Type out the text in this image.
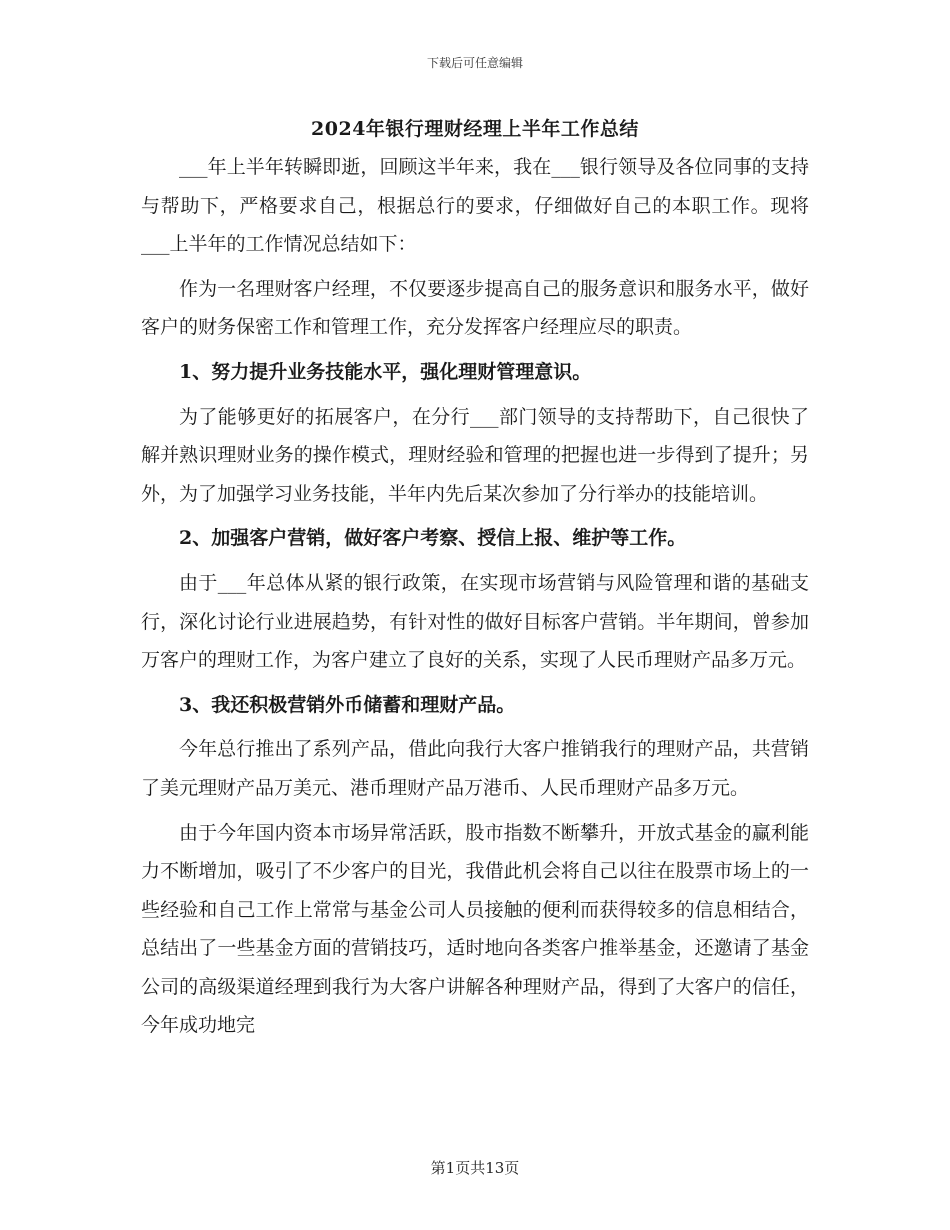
下载后可任意编辑
2024年银行理财经理上半年工作总结

___年上半年转瞬即逝，回顾这半年来，我在___银行领导及各位同事的支持与帮助下，严格要求自己，根据总行的要求，仔细做好自己的本职工作。现将___上半年的工作情况总结如下：

作为一名理财客户经理，不仅要逐步提高自己的服务意识和服务水平，做好客户的财务保密工作和管理工作，充分发挥客户经理应尽的职责。

1、努力提升业务技能水平，强化理财管理意识。

为了能够更好的拓展客户，在分行___部门领导的支持帮助下，自己很快了解并熟识理财业务的操作模式，理财经验和管理的把握也进一步得到了提升；另外，为了加强学习业务技能，半年内先后某次参加了分行举办的技能培训。

2、加强客户营销，做好客户考察、授信上报、维护等工作。

由于___年总体从紧的银行政策，在实现市场营销与风险管理和谐的基础支行，深化讨论行业进展趋势，有针对性的做好目标客户营销。半年期间，曾参加万客户的理财工作，为客户建立了良好的关系，实现了人民币理财产品多万元。

3、我还积极营销外币储蓄和理财产品。

今年总行推出了系列产品，借此向我行大客户推销我行的理财产品，共营销了美元理财产品万美元、港币理财产品万港币、人民币理财产品多万元。

由于今年国内资本市场异常活跃，股市指数不断攀升，开放式基金的赢利能力不断增加，吸引了不少客户的目光，我借此机会将自己以往在股票市场上的一些经验和自己工作上常常与基金公司人员接触的便利而获得较多的信息相结合，总结出了一些基金方面的营销技巧，适时地向各类客户推举基金，还邀请了基金公司的高级渠道经理到我行为大客户讲解各种理财产品，得到了大客户的信任，今年成功地完

第1页共13页
